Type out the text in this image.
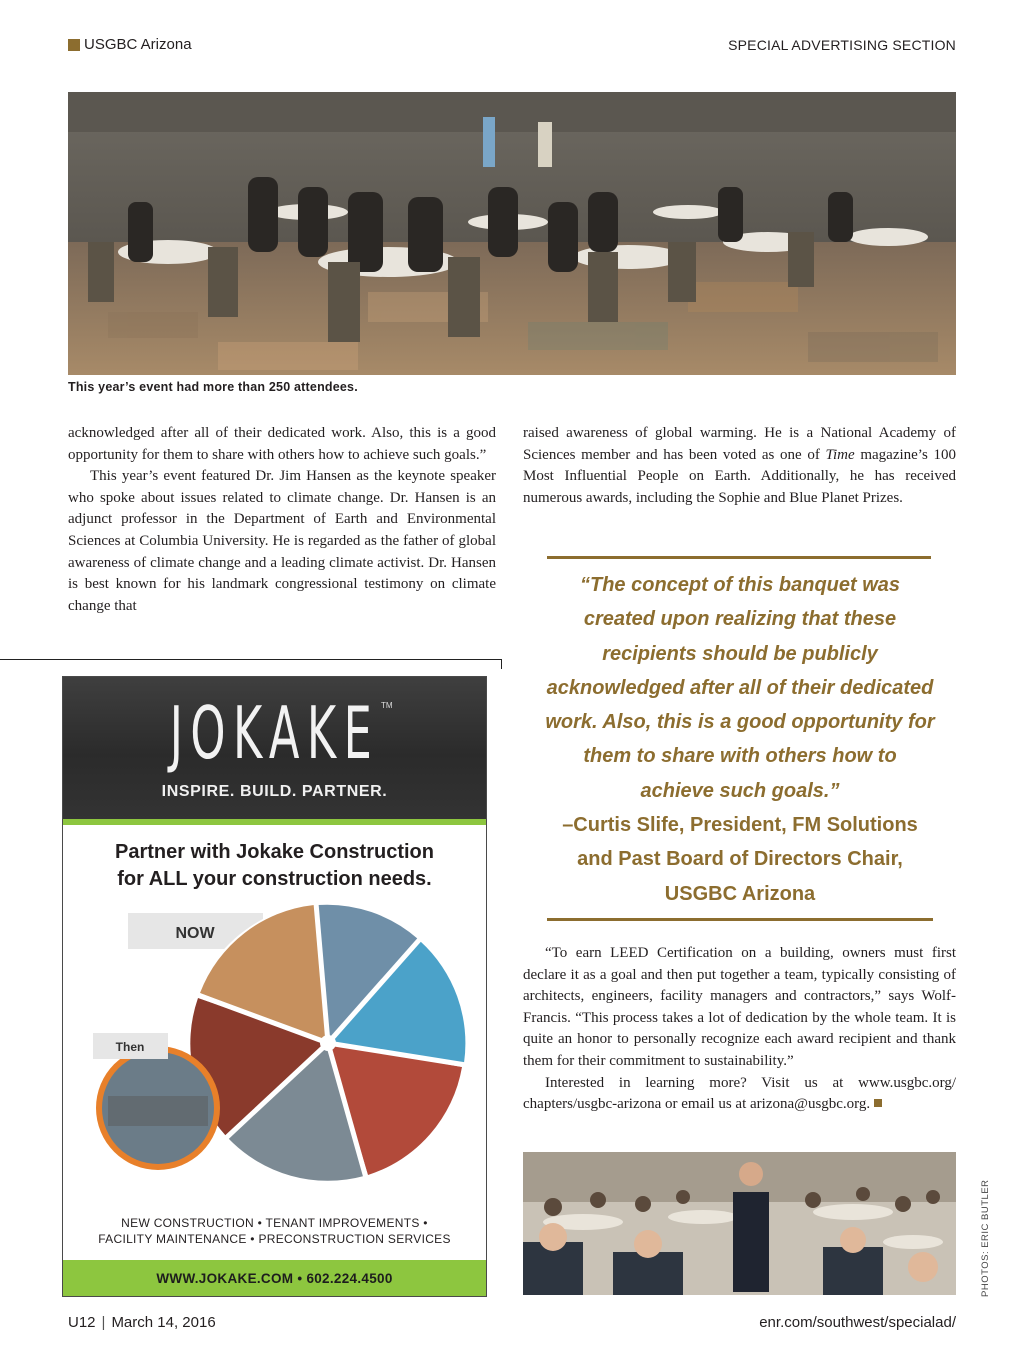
USGBC Arizona	SPECIAL ADVERTISING SECTION
This year’s event had more than 250 attendees.

acknowledged after all of their dedicated work. Also, this is a good opportunity for them to share with others how to achieve such goals.”

This year’s event featured Dr. Jim Hansen as the keynote speaker who spoke about issues related to climate change. Dr. Hansen is an adjunct professor in the Department of Earth and Environmental Sciences at Columbia University. He is regarded as the father of global awareness of climate change and a leading climate activist. Dr. Hansen is best known for his landmark congressional testimony on climate change that

raised awareness of global warming. He is a National Academy of Sciences member and has been voted as one of Time magazine’s 100 Most Influential People on Earth. Additionally, he has received numerous awards, including the Sophie and Blue Planet Prizes.

“The concept of this banquet was created upon realizing that these recipients should be publicly acknowledged after all of their dedicated work. Also, this is a good opportunity for them to share with others how to achieve such goals.”
–Curtis Slife, President, FM Solutions and Past Board of Directors Chair, USGBC Arizona

“To earn LEED Certification on a building, owners must first declare it as a goal and then put together a team, typically consisting of architects, engineers, facility managers and contractors,” says Wolf-Francis. “This process takes a lot of dedication by the whole team. It is quite an honor to personally recognize each award recipient and thank them for their commitment to sustainability.”

Interested in learning more? Visit us at www.usgbc.org/ chapters/usgbc-arizona or email us at arizona@usgbc.org.

JOKAKE TM
INSPIRE. BUILD. PARTNER.
Partner with Jokake Construction
for ALL your construction needs.
NOW
Then
NEW CONSTRUCTION • TENANT IMPROVEMENTS •
FACILITY MAINTENANCE • PRECONSTRUCTION SERVICES
WWW.JOKAKE.COM • 602.224.4500	PHOTOS: ERIC BUTLER
U12 | March 14, 2016	enr.com/southwest/specialad/
